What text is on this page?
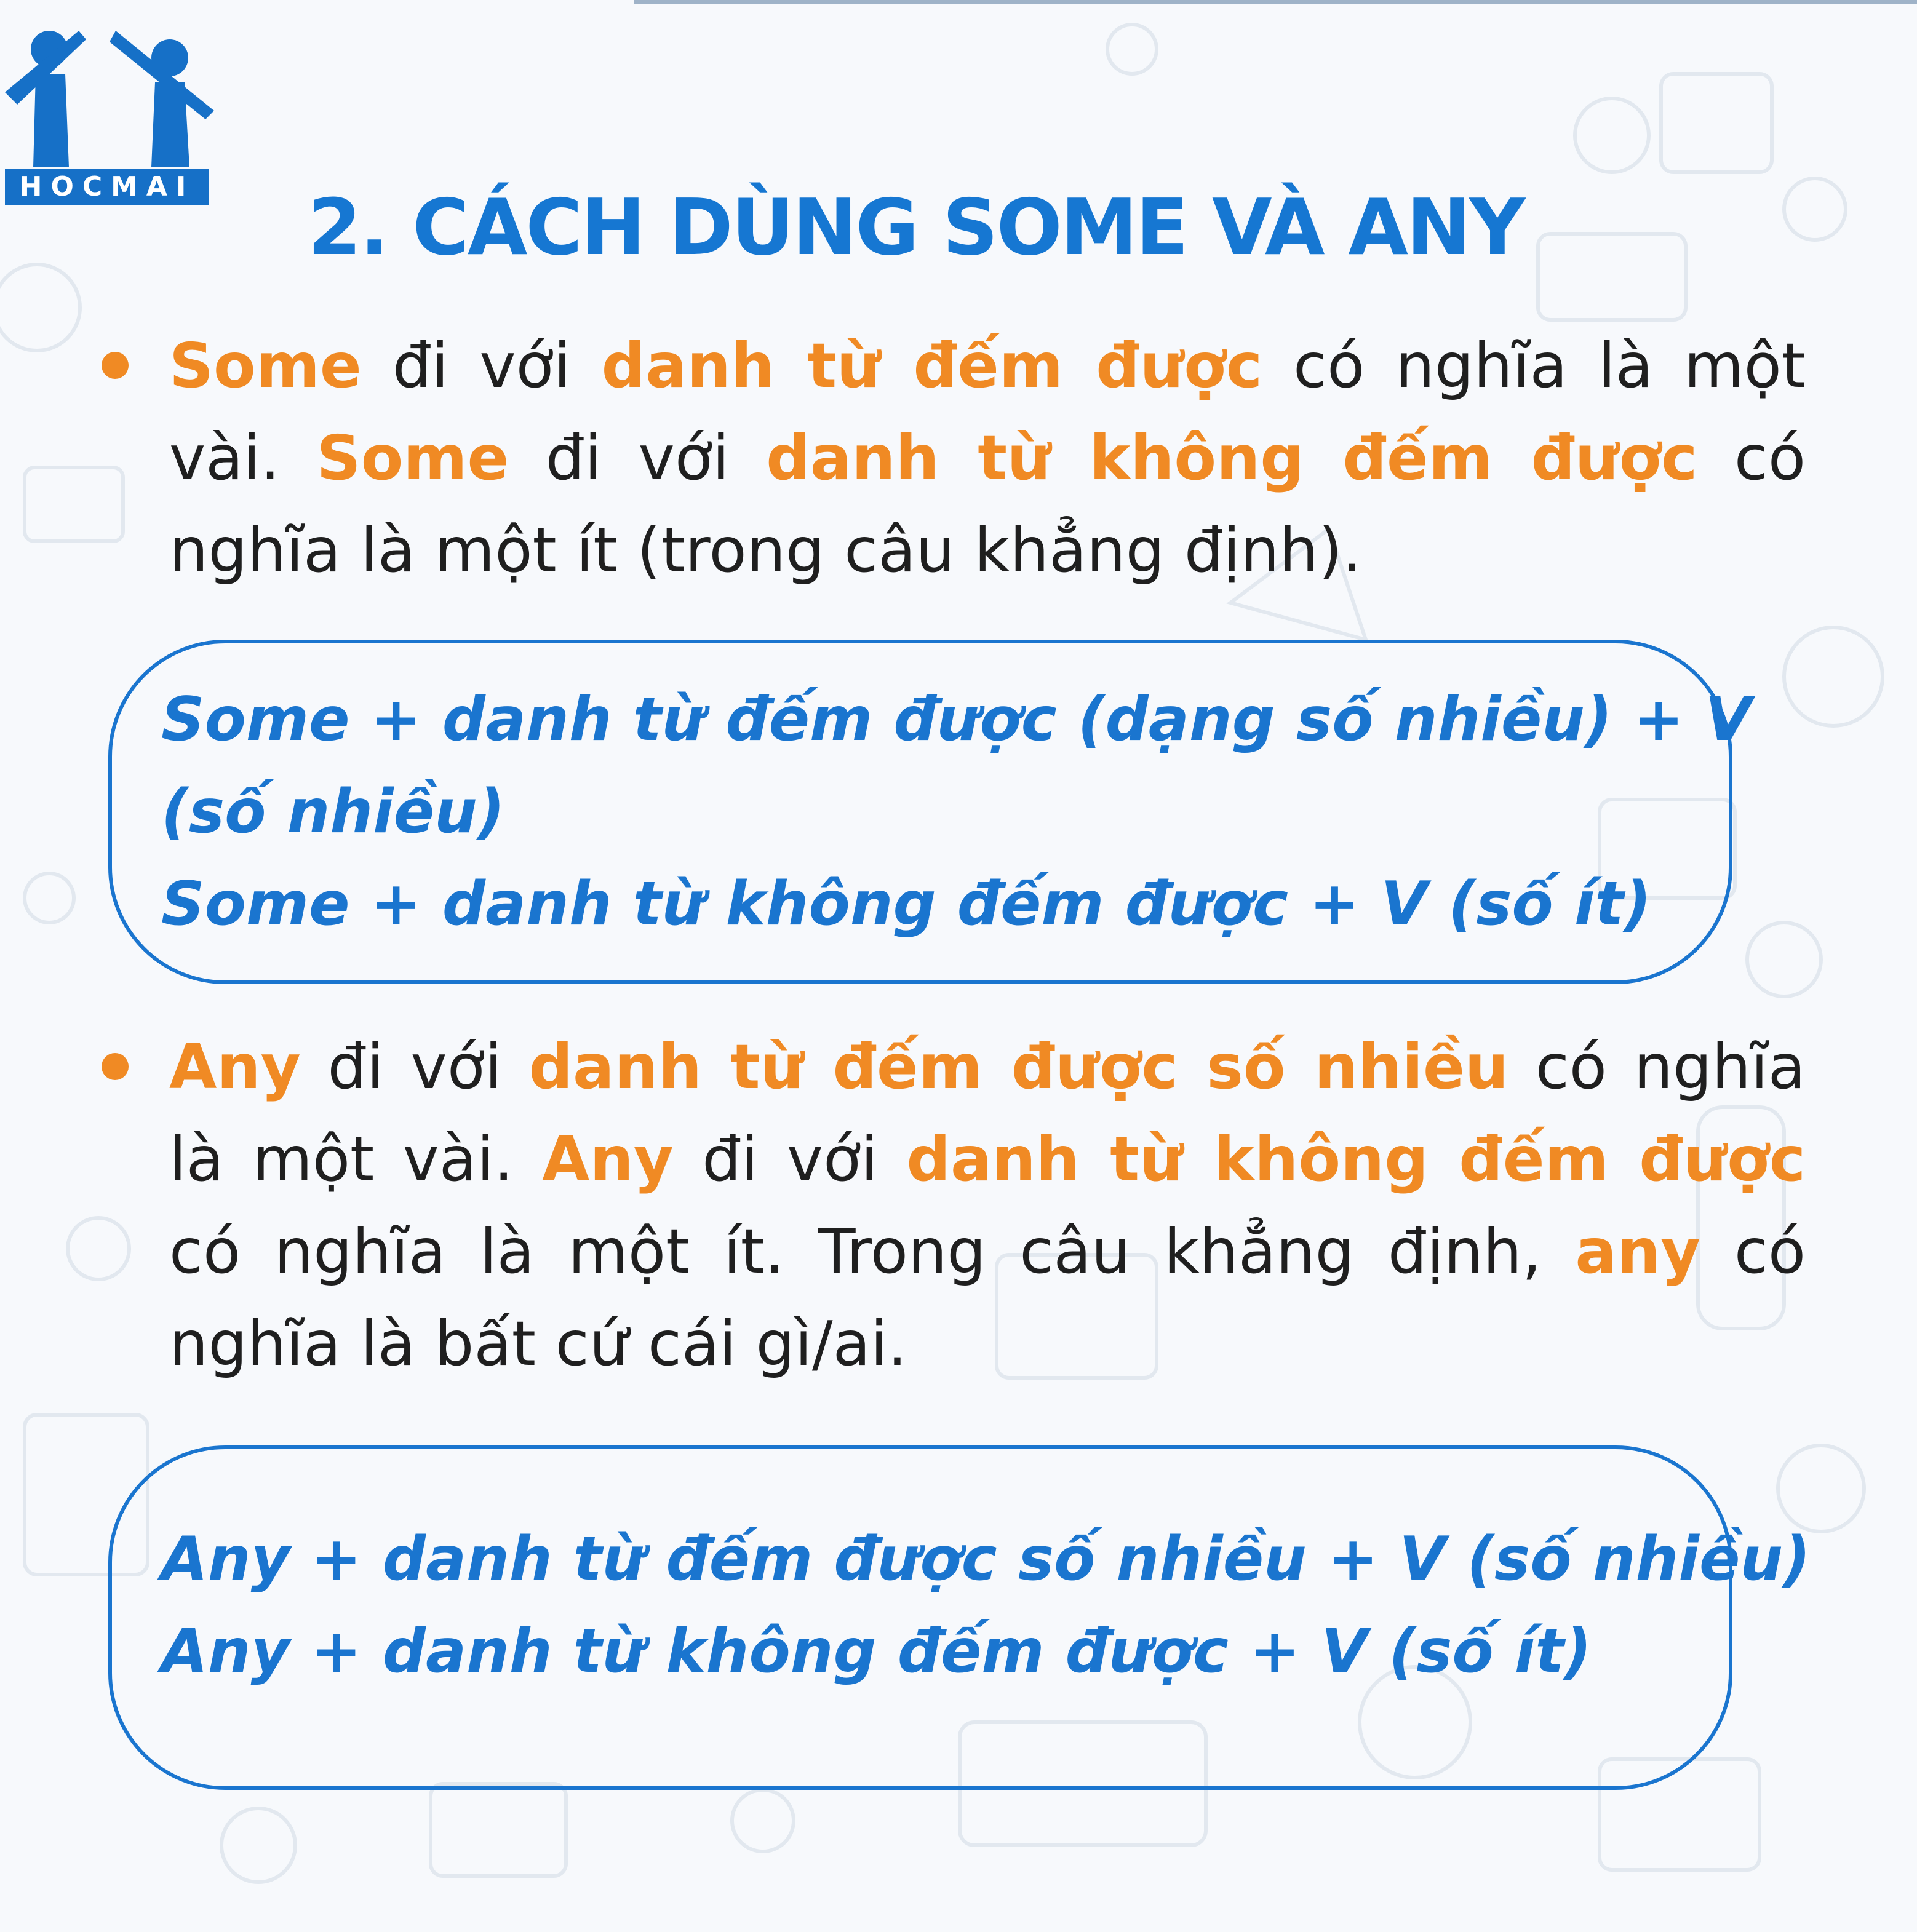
HOCMAI 2. CÁCH DÙNG SOME VÀ ANY
Some đi với danh từ đếm được có nghĩa là một vài. Some đi với danh từ không đếm được có nghĩa là một ít (trong câu khẳng định).
Some + danh từ đếm được (dạng số nhiều) + V
(số nhiều)
Some + danh từ không đếm được + V (số ít)
Any đi với danh từ đếm được số nhiều có nghĩa là một vài. Any đi với danh từ không đếm được có nghĩa là một ít. Trong câu khẳng định, any có nghĩa là bất cứ cái gì/ai.
Any + danh từ đếm được số nhiều + V (số nhiều)
Any + danh từ không đếm được + V (số ít)
